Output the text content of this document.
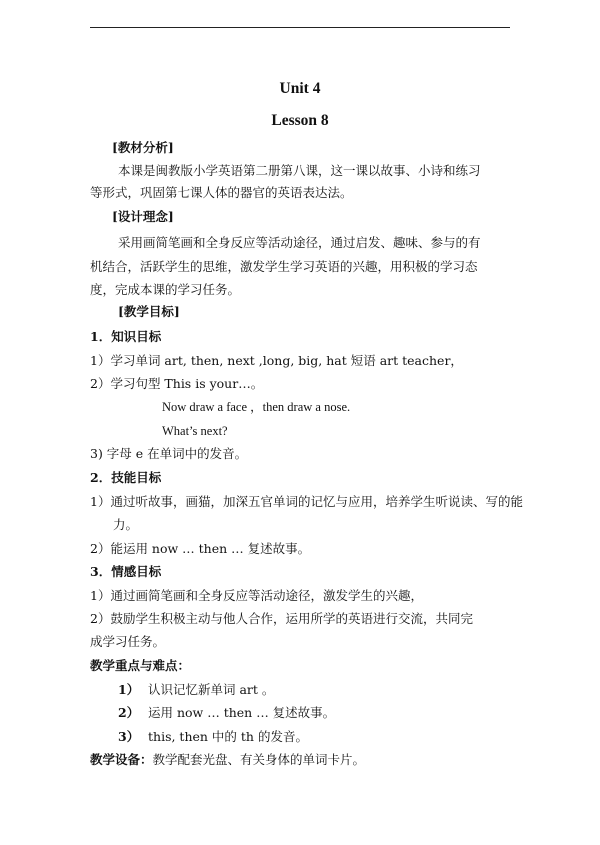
Unit 4
Lesson 8
[教材分析]
本课是闽教版小学英语第二册第八课，这一课以故事、小诗和练习
等形式，巩固第七课人体的器官的英语表达法。
[设计理念]
采用画简笔画和全身反应等活动途径，通过启发、趣味、参与的有
机结合，活跃学生的思维，激发学生学习英语的兴趣，用积极的学习态
度，完成本课的学习任务。
[教学目标]
1．知识目标
1）学习单词 art, then, next ,long, big, hat 短语 art teacher，
2）学习句型 This is your…。
Now draw a face ，then draw a nose.
What’s next?
3) 字母 e 在单词中的发音。
2．技能目标
1）通过听故事，画猫，加深五官单词的记忆与应用，培养学生听说读、写的能
力。
2）能运用 now … then … 复述故事。
3．情感目标
1）通过画简笔画和全身反应等活动途径，激发学生的兴趣，
2）鼓励学生积极主动与他人合作，运用所学的英语进行交流，共同完
成学习任务。
教学重点与难点：
1） 认识记忆新单词 art 。
2） 运用 now … then … 复述故事。
3） this, then 中的 th 的发音。
教学设备：教学配套光盘、有关身体的单词卡片。
